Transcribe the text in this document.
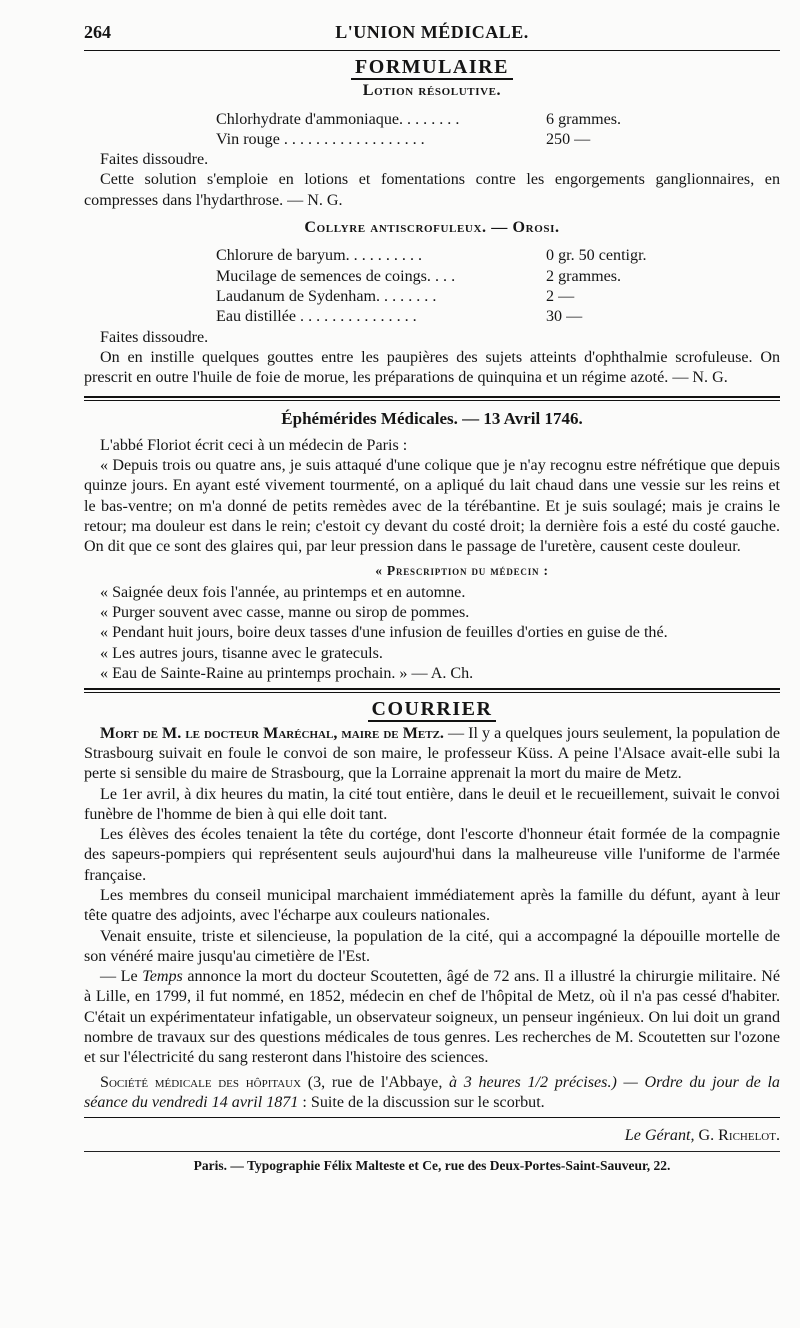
264	L'UNION MÉDICALE.
FORMULAIRE
Lotion résolutive.
Chlorhydrate d'ammoniaque. . . . . . . .	6 grammes.
Vin rouge . . . . . . . . . . . . . . . . . .	250 —

Faites dissoudre.

Cette solution s'emploie en lotions et fomentations contre les engorgements ganglionnaires, en compresses dans l'hydarthrose. — N. G.

Collyre antiscrofuleux. — Orosi.
Chlorure de baryum. . . . . . . . . .	0 gr. 50 centigr.
Mucilage de semences de coings. . . .	2 grammes.
Laudanum de Sydenham. . . . . . . .	2 —
Eau distillée . . . . . . . . . . . . . . .	30 —

Faites dissoudre.

On en instille quelques gouttes entre les paupières des sujets atteints d'ophthalmie scrofuleuse. On prescrit en outre l'huile de foie de morue, les préparations de quinquina et un régime azoté. — N. G.

Éphémérides Médicales. — 13 Avril 1746.

L'abbé Floriot écrit ceci à un médecin de Paris :

« Depuis trois ou quatre ans, je suis attaqué d'une colique que je n'ay recognu estre néfrétique que depuis quinze jours. En ayant esté vivement tourmenté, on a apliqué du lait chaud dans une vessie sur les reins et le bas-ventre; on m'a donné de petits remèdes avec de la térébantine. Et je suis soulagé; mais je crains le retour; ma douleur est dans le rein; c'estoit cy devant du costé droit; la dernière fois a esté du costé gauche. On dit que ce sont des glaires qui, par leur pression dans le passage de l'uretère, causent ceste douleur.

« Prescription du médecin :

« Saignée deux fois l'année, au printemps et en automne.

« Purger souvent avec casse, manne ou sirop de pommes.

« Pendant huit jours, boire deux tasses d'une infusion de feuilles d'orties en guise de thé.

« Les autres jours, tisanne avec le grateculs.

« Eau de Sainte-Raine au printemps prochain. » — A. Ch.

COURRIER

Mort de M. le docteur Maréchal, maire de Metz. — Il y a quelques jours seulement, la population de Strasbourg suivait en foule le convoi de son maire, le professeur Küss. A peine l'Alsace avait-elle subi la perte si sensible du maire de Strasbourg, que la Lorraine apprenait la mort du maire de Metz.

Le 1er avril, à dix heures du matin, la cité tout entière, dans le deuil et le recueillement, suivait le convoi funèbre de l'homme de bien à qui elle doit tant.

Les élèves des écoles tenaient la tête du cortége, dont l'escorte d'honneur était formée de la compagnie des sapeurs-pompiers qui représentent seuls aujourd'hui dans la malheureuse ville l'uniforme de l'armée française.

Les membres du conseil municipal marchaient immédiatement après la famille du défunt, ayant à leur tête quatre des adjoints, avec l'écharpe aux couleurs nationales.

Venait ensuite, triste et silencieuse, la population de la cité, qui a accompagné la dépouille mortelle de son vénéré maire jusqu'au cimetière de l'Est.

— Le Temps annonce la mort du docteur Scoutetten, âgé de 72 ans. Il a illustré la chirurgie militaire. Né à Lille, en 1799, il fut nommé, en 1852, médecin en chef de l'hôpital de Metz, où il n'a pas cessé d'habiter. C'était un expérimentateur infatigable, un observateur soigneux, un penseur ingénieux. On lui doit un grand nombre de travaux sur des questions médicales de tous genres. Les recherches de M. Scoutetten sur l'ozone et sur l'électricité du sang resteront dans l'histoire des sciences.

Société médicale des hôpitaux (3, rue de l'Abbaye, à 3 heures 1/2 précises.) — Ordre du jour de la séance du vendredi 14 avril 1871 : Suite de la discussion sur le scorbut.

Le Gérant, G. Richelot.
Paris. — Typographie Félix Malteste et Ce, rue des Deux-Portes-Saint-Sauveur, 22.
